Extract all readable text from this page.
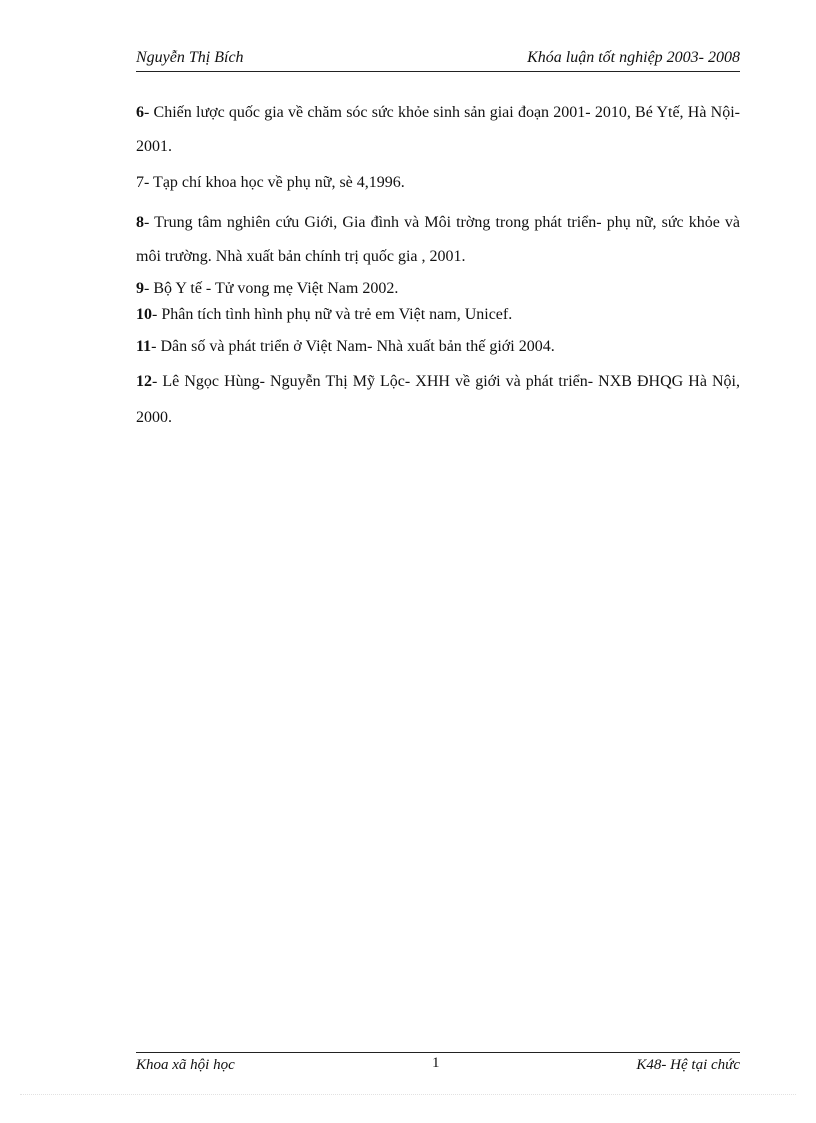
Nguyễn Thị Bích	Khóa luận tốt nghiệp 2003- 2008
6- Chiến lược quốc gia về chăm sóc sức khỏe sinh sản giai đoạn 2001- 2010, Bé Ytế, Hà Nội- 2001.
7- Tạp chí khoa học về phụ nữ, sè 4,1996.
8- Trung tâm nghiên cứu Giới, Gia đình và Môi trờng trong phát triển- phụ nữ, sức khỏe và môi trường. Nhà xuất bản chính trị quốc gia , 2001.
9- Bộ Y tế - Tử vong mẹ Việt Nam 2002.
10- Phân tích tình hình phụ nữ và trẻ em Việt nam, Unicef.
11- Dân số và phát triển ở Việt Nam- Nhà xuất bản thế giới 2004.
12- Lê Ngọc Hùng- Nguyễn Thị Mỹ Lộc- XHH về giới và phát triển- NXB ĐHQG Hà Nội, 2000.
Khoa xã hội học	1	K48- Hệ tại chức
